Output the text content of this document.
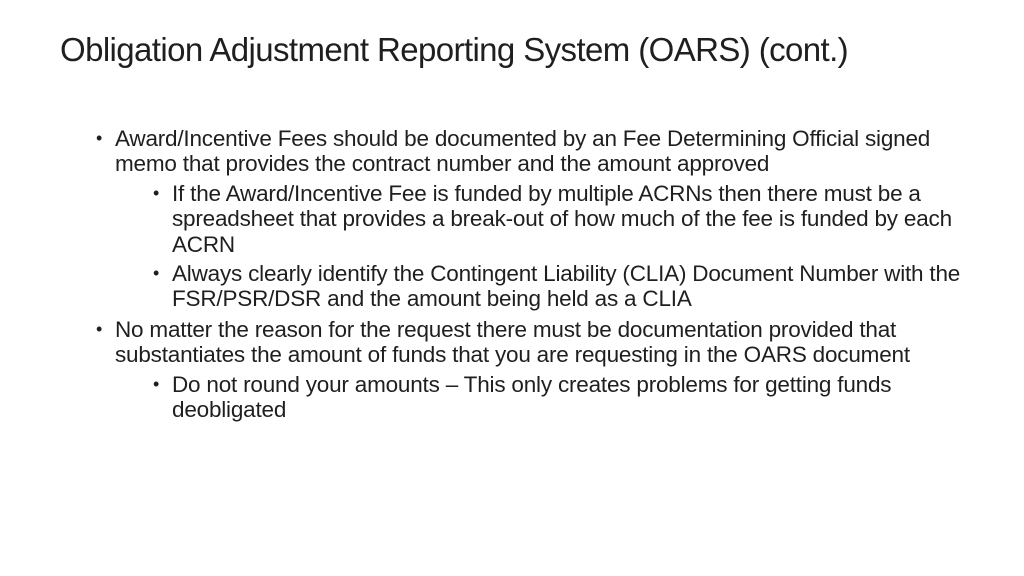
Obligation Adjustment Reporting System (OARS) (cont.)
• Award/Incentive Fees should be documented by an Fee Determining Official signed memo that provides the contract number and the amount approved
• If the Award/Incentive Fee is funded by multiple ACRNs then there must be a spreadsheet that provides a break-out of how much of the fee is funded by each ACRN
• Always clearly identify the Contingent Liability (CLIA) Document Number with the FSR/PSR/DSR and the amount being held as a CLIA
• No matter the reason for the request there must be documentation provided that substantiates the amount of funds that you are requesting in the OARS document
• Do not round your amounts – This only creates problems for getting funds deobligated
